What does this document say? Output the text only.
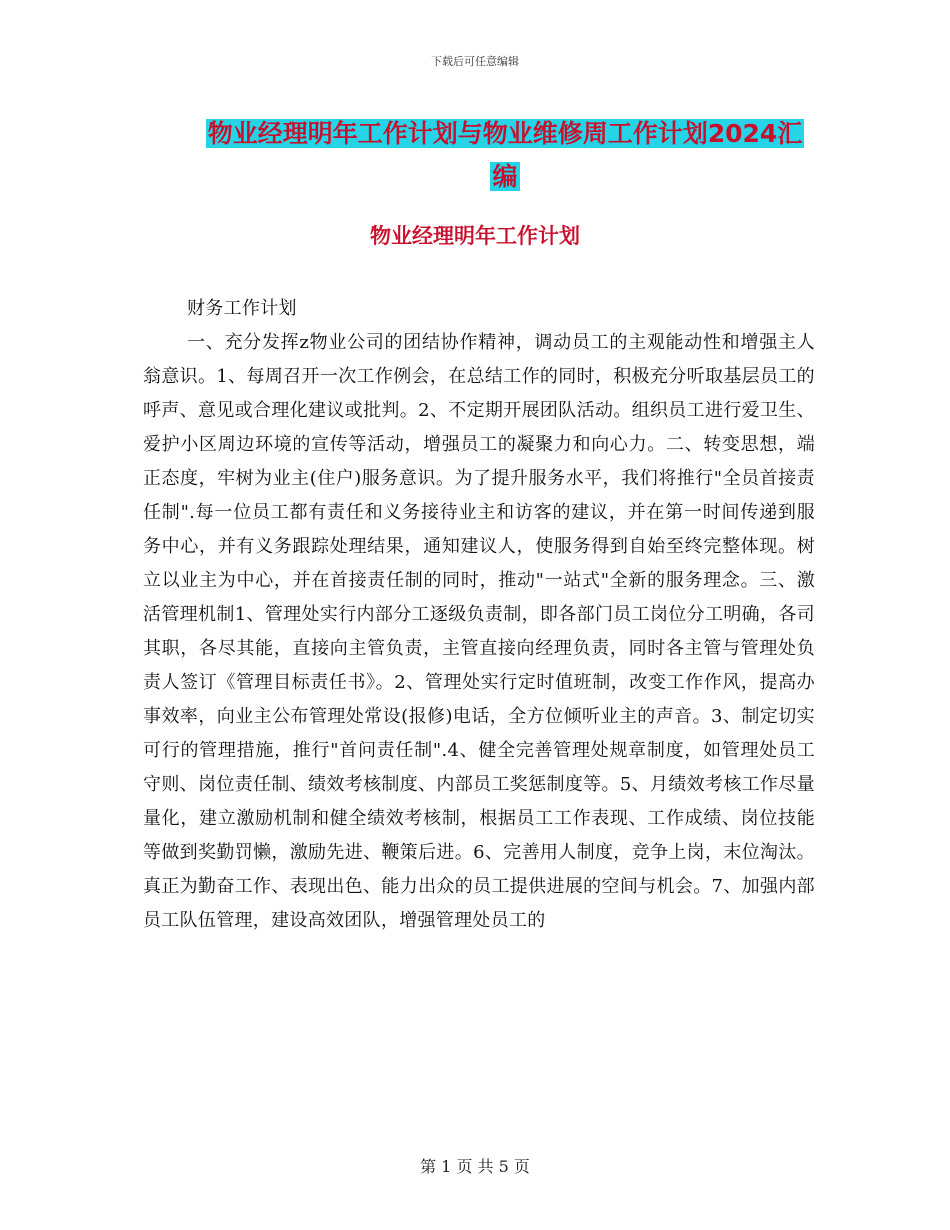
下载后可任意编辑
物业经理明年工作计划与物业维修周工作计划2024汇
编
物业经理明年工作计划

财务工作计划

一、充分发挥z物业公司的团结协作精神，调动员工的主观能动性和增强主人翁意识。1、每周召开一次工作例会，在总结工作的同时，积极充分听取基层员工的呼声、意见或合理化建议或批判。2、不定期开展团队活动。组织员工进行爱卫生、爱护小区周边环境的宣传等活动，增强员工的凝聚力和向心力。二、转变思想，端正态度，牢树为业主(住户)服务意识。为了提升服务水平，我们将推行"全员首接责任制".每一位员工都有责任和义务接待业主和访客的建议，并在第一时间传递到服务中心，并有义务跟踪处理结果，通知建议人，使服务得到自始至终完整体现。树立以业主为中心，并在首接责任制的同时，推动"一站式"全新的服务理念。三、激活管理机制1、管理处实行内部分工逐级负责制，即各部门员工岗位分工明确，各司其职，各尽其能，直接向主管负责，主管直接向经理负责，同时各主管与管理处负责人签订《管理目标责任书》。2、管理处实行定时值班制，改变工作作风，提高办事效率，向业主公布管理处常设(报修)电话，全方位倾听业主的声音。3、制定切实可行的管理措施，推行"首问责任制".4、健全完善管理处规章制度，如管理处员工守则、岗位责任制、绩效考核制度、内部员工奖惩制度等。5、月绩效考核工作尽量量化，建立激励机制和健全绩效考核制，根据员工工作表现、工作成绩、岗位技能等做到奖勤罚懒，激励先进、鞭策后进。6、完善用人制度，竞争上岗，末位淘汰。真正为勤奋工作、表现出色、能力出众的员工提供进展的空间与机会。7、加强内部员工队伍管理，建设高效团队，增强管理处员工的

第 1 页 共 5 页
